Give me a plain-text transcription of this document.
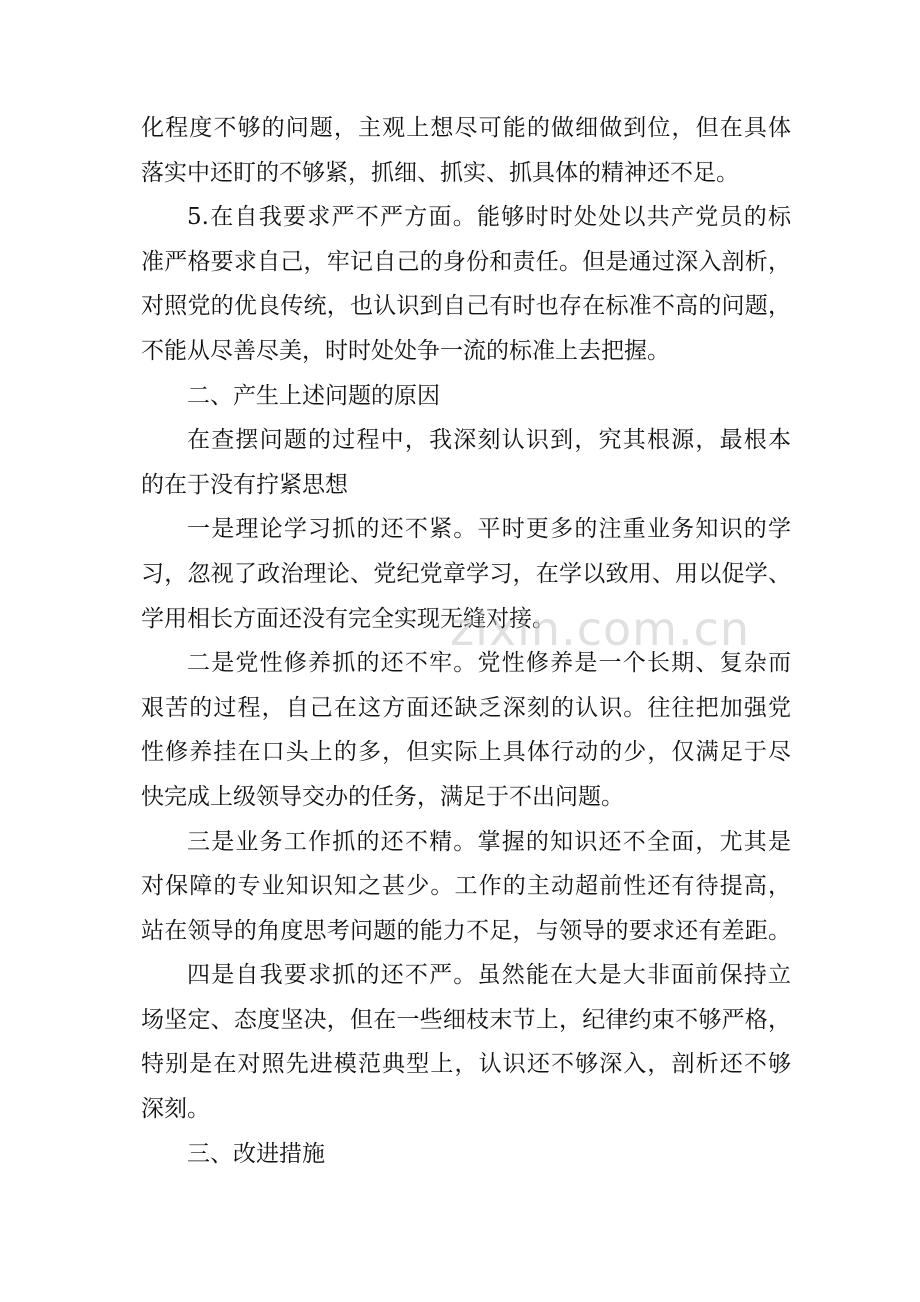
化程度不够的问题，主观上想尽可能的做细做到位，但在具体
落实中还盯的不够紧，抓细、抓实、抓具体的精神还不足。
5.在自我要求严不严方面。能够时时处处以共产党员的标
准严格要求自己，牢记自己的身份和责任。但是通过深入剖析，
对照党的优良传统，也认识到自己有时也存在标准不高的问题，
不能从尽善尽美，时时处处争一流的标准上去把握。
二、产生上述问题的原因
在查摆问题的过程中，我深刻认识到，究其根源，最根本
的在于没有拧紧思想
一是理论学习抓的还不紧。平时更多的注重业务知识的学
习，忽视了政治理论、党纪党章学习，在学以致用、用以促学、
学用相长方面还没有完全实现无缝对接。
二是党性修养抓的还不牢。党性修养是一个长期、复杂而
艰苦的过程，自己在这方面还缺乏深刻的认识。往往把加强党
性修养挂在口头上的多，但实际上具体行动的少，仅满足于尽
快完成上级领导交办的任务，满足于不出问题。
三是业务工作抓的还不精。掌握的知识还不全面，尤其是
对保障的专业知识知之甚少。工作的主动超前性还有待提高，
站在领导的角度思考问题的能力不足，与领导的要求还有差距。
四是自我要求抓的还不严。虽然能在大是大非面前保持立
场坚定、态度坚决，但在一些细枝末节上，纪律约束不够严格，
特别是在对照先进模范典型上，认识还不够深入，剖析还不够
深刻。
三、改进措施
zixin.com.cn
